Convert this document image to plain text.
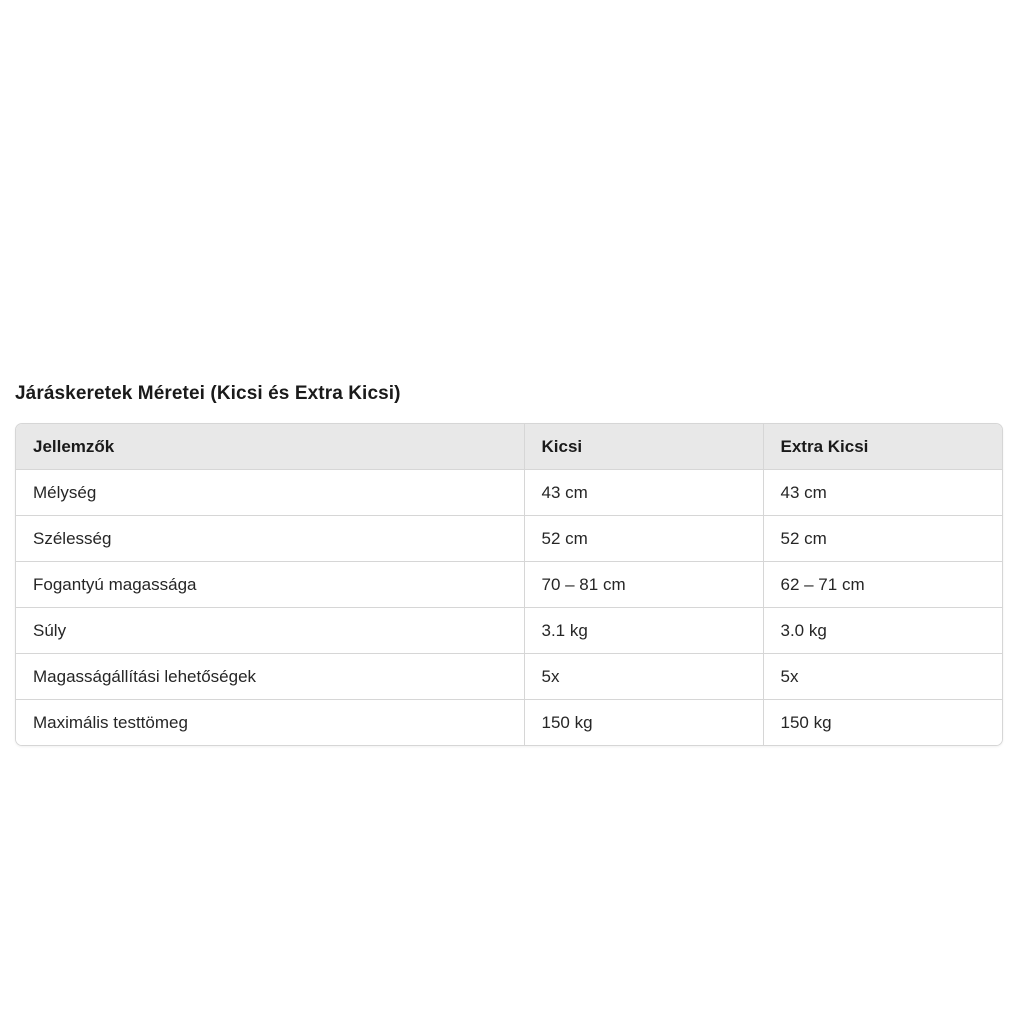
Járáskeretek Méretei (Kicsi és Extra Kicsi)
Jellemzők	Kicsi	Extra Kicsi
Mélység	43 cm	43 cm
Szélesség	52 cm	52 cm
Fogantyú magassága	70 – 81 cm	62 – 71 cm
Súly	3.1 kg	3.0 kg
Magasságállítási lehetőségek	5x	5x
Maximális testtömeg	150 kg	150 kg
